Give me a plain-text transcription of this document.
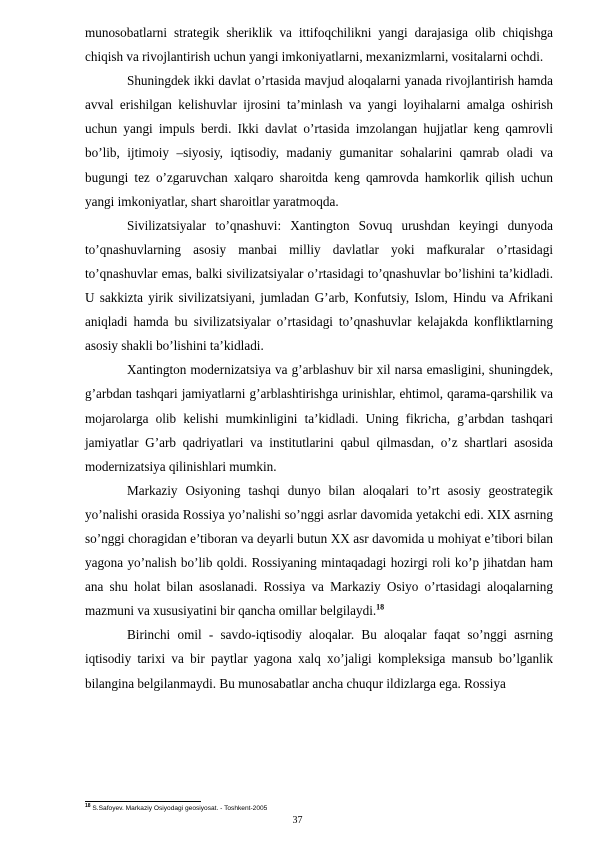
munosobatlarni strategik sheriklik va ittifoqchilikni yangi darajasiga olib chiqishga chiqish va rivojlantirish uchun yangi imkoniyatlarni, mexanizmlarni, vositalarni ochdi.

Shuningdek ikki davlat o’rtasida mavjud aloqalarni yanada rivojlantirish hamda avval erishilgan kelishuvlar ijrosini ta’minlash va yangi loyihalarni amalga oshirish uchun yangi impuls berdi. Ikki davlat o’rtasida imzolangan hujjatlar keng qamrovli bo’lib, ijtimoiy –siyosiy, iqtisodiy, madaniy gumanitar sohalarini qamrab oladi va bugungi tez o’zgaruvchan xalqaro sharoitda keng qamrovda hamkorlik qilish uchun yangi imkoniyatlar, shart sharoitlar yaratmoqda.

Sivilizatsiyalar to’qnashuvi: Xantington Sovuq urushdan keyingi dunyoda to’qnashuvlarning asosiy manbai milliy davlatlar yoki mafkuralar o’rtasidagi to’qnashuvlar emas, balki sivilizatsiyalar o’rtasidagi to’qnashuvlar bo’lishini ta’kidladi. U sakkizta yirik sivilizatsiyani, jumladan G’arb, Konfutsiy, Islom, Hindu va Afrikani aniqladi hamda bu sivilizatsiyalar o’rtasidagi to’qnashuvlar kelajakda konfliktlarning asosiy shakli bo’lishini ta’kidladi.

Xantington modernizatsiya va g’arblashuv bir xil narsa emasligini, shuningdek, g’arbdan tashqari jamiyatlarni g’arblashtirishga urinishlar, ehtimol, qarama-qarshilik va mojarolarga olib kelishi mumkinligini ta’kidladi. Uning fikricha, g’arbdan tashqari jamiyatlar G’arb qadriyatlari va institutlarini qabul qilmasdan, o’z shartlari asosida modernizatsiya qilinishlari mumkin.

Markaziy Osiyoning tashqi dunyo bilan aloqalari to’rt asosiy geostrategik yo’nalishi orasida Rossiya yo’nalishi so’nggi asrlar davomida yetakchi edi. XIX asrning so’nggi choragidan e’tiboran va deyarli butun XX asr davomida u mohiyat e’tibori bilan yagona yo’nalish bo’lib qoldi. Rossiyaning mintaqadagi hozirgi roli ko’p jihatdan ham ana shu holat bilan asoslanadi. Rossiya va Markaziy Osiyo o’rtasidagi aloqalarning mazmuni va xususiyatini bir qancha omillar belgilaydi.$^{18}$

Birinchi omil - savdo-iqtisodiy aloqalar. Bu aloqalar faqat so’nggi asrning iqtisodiy tarixi va bir paytlar yagona xalq xo’jaligi kompleksiga mansub bo’lganlik bilangina belgilanmaydi. Bu munosabatlar ancha chuqur ildizlarga ega. Rossiya

$^{18}$ S.Safoyev. Markaziy Osiyodagi geosiyosat. - Toshkent-2005
37
